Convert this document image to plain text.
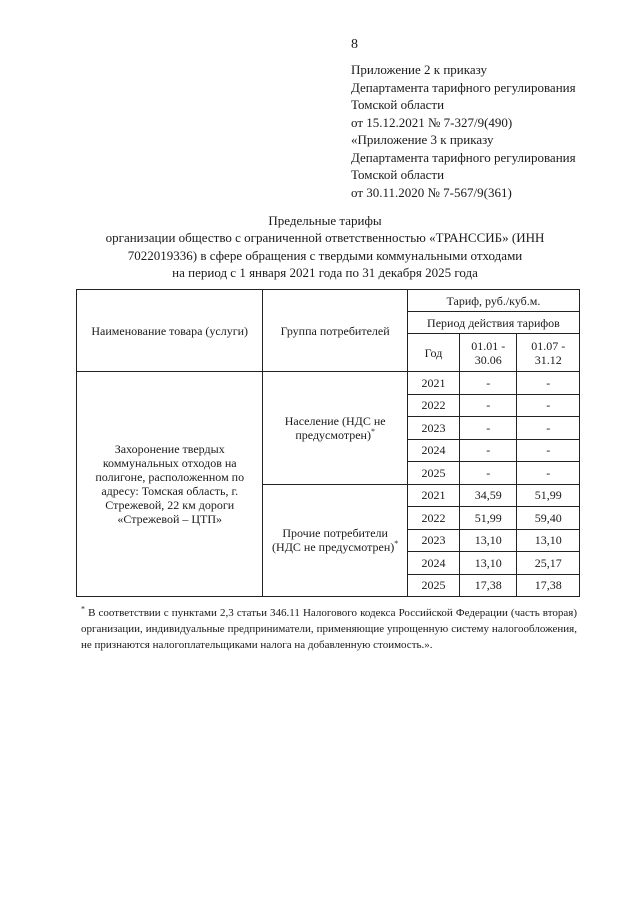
8
Приложение 2 к приказу
Департамента тарифного регулирования
Томской области
от 15.12.2021 № 7-327/9(490)
«Приложение 3 к приказу
Департамента тарифного регулирования
Томской области
от 30.11.2020 № 7-567/9(361)
Предельные тарифы
организации общество с ограниченной ответственностью «ТРАНССИБ» (ИНН
7022019336) в сфере обращения с твердыми коммунальными отходами
на период с 1 января 2021 года по 31 декабря 2025 года
Наименование товара (услуги)	Группа потребителей	Тариф, руб./куб.м.		
		Период действия тарифов		
		Год	01.01 - 30.06	01.07 - 31.12
Захоронение твердых коммунальных отходов на полигоне, расположенном по адресу: Томская область, г. Стрежевой, 22 км дороги «Стрежевой – ЦТП»	Население (НДС не предусмотрен)*	2021	-	-
		2022	-	-
		2023	-	-
		2024	-	-
		2025	-	-
	Прочие потребители (НДС не предусмотрен)*	2021	34,59	51,99
		2022	51,99	59,40
		2023	13,10	13,10
		2024	13,10	25,17
		2025	17,38	17,38
* В соответствии с пунктами 2,3 статьи 346.11 Налогового кодекса Российской Федерации (часть вторая) организации, индивидуальные предприниматели, применяющие упрощенную систему налогообложения, не признаются налогоплательщиками налога на добавленную стоимость.».
